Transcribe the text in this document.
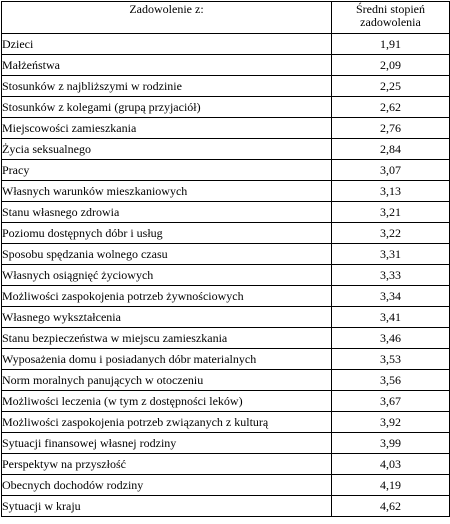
Zadowolenie z:	Średni stopień
zadowolenia

Dzieci	1,91
Małżeństwa	2,09
Stosunków z najbliższymi w rodzinie	2,25
Stosunków z kolegami (grupą przyjaciół)	2,62
Miejscowości zamieszkania	2,76
Życia seksualnego	2,84
Pracy	3,07
Własnych warunków mieszkaniowych	3,13
Stanu własnego zdrowia	3,21
Poziomu dostępnych dóbr i usług	3,22
Sposobu spędzania wolnego czasu	3,31
Własnych osiągnięć życiowych	3,33
Możliwości zaspokojenia potrzeb żywnościowych	3,34
Własnego wykształcenia	3,41
Stanu bezpieczeństwa w miejscu zamieszkania	3,46
Wyposażenia domu i posiadanych dóbr materialnych	3,53
Norm moralnych panujących w otoczeniu	3,56
Możliwości leczenia (w tym z dostępności leków)	3,67
Możliwości zaspokojenia potrzeb związanych z kulturą	3,92
Sytuacji finansowej własnej rodziny	3,99
Perspektyw na przyszłość	4,03
Obecnych dochodów rodziny	4,19
Sytuacji w kraju	4,62
